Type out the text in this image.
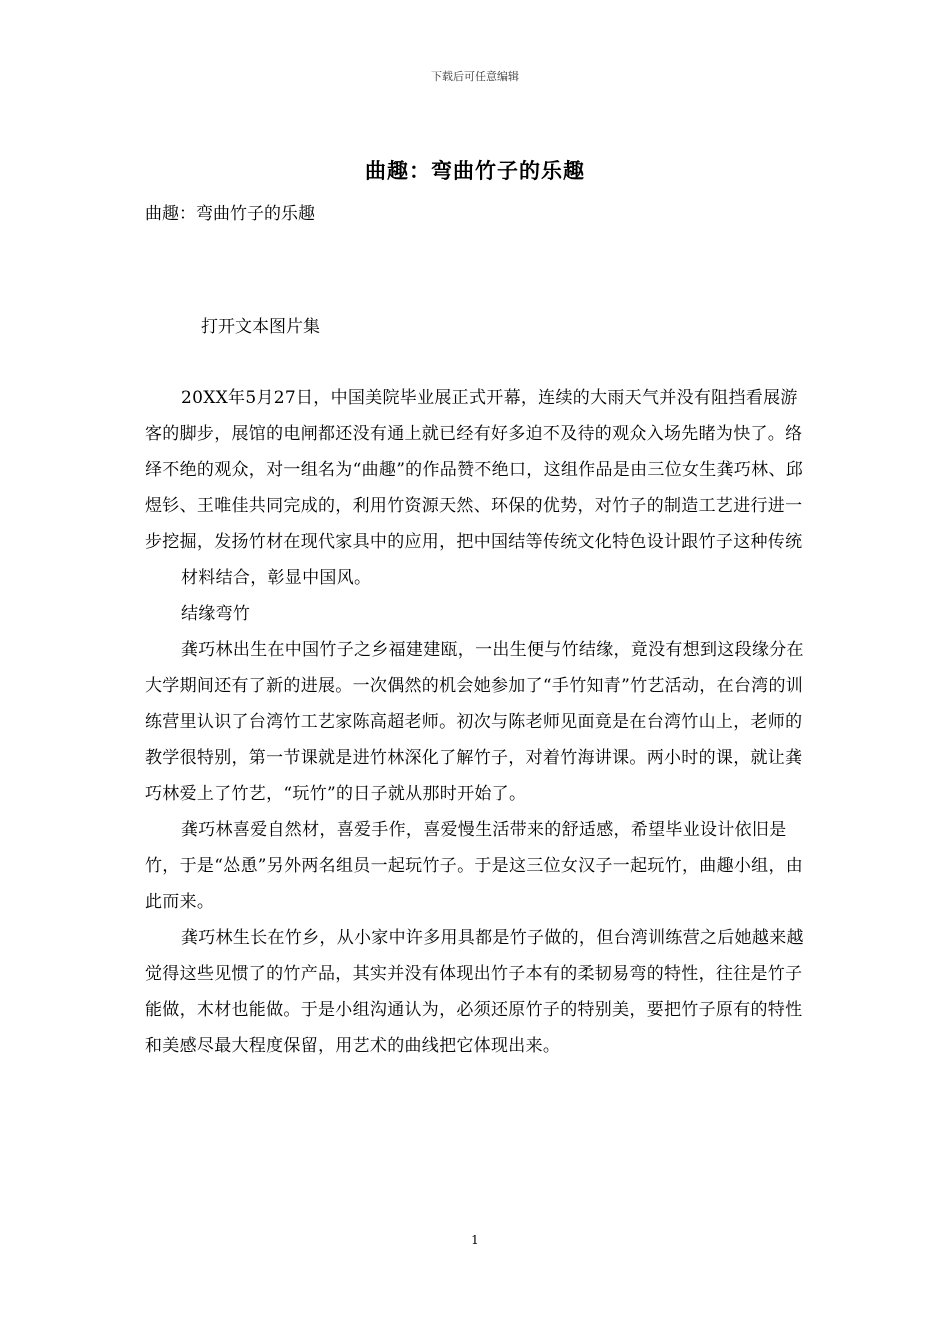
下载后可任意编辑
曲趣：弯曲竹子的乐趣
曲趣：弯曲竹子的乐趣
打开文本图片集

20XX年5月27日，中国美院毕业展正式开幕，连续的大雨天气并没有阻挡看展游客的脚步，展馆的电闸都还没有通上就已经有好多迫不及待的观众入场先睹为快了。络绎不绝的观众，对一组名为“曲趣”的作品赞不绝口，这组作品是由三位女生龚巧林、邱煜钐、王唯佳共同完成的，利用竹资源天然、环保的优势，对竹子的制造工艺进行进一步挖掘，发扬竹材在现代家具中的应用，把中国结等传统文化特色设计跟竹子这种传统

材料结合，彰显中国风。

结缘弯竹

龚巧林出生在中国竹子之乡福建建瓯，一出生便与竹结缘，竟没有想到这段缘分在大学期间还有了新的进展。一次偶然的机会她参加了“手竹知青”竹艺活动，在台湾的训练营里认识了台湾竹工艺家陈高超老师。初次与陈老师见面竟是在台湾竹山上，老师的教学很特别，第一节课就是进竹林深化了解竹子，对着竹海讲课。两小时的课，就让龚巧林爱上了竹艺，“玩竹”的日子就从那时开始了。

龚巧林喜爱自然材，喜爱手作，喜爱慢生活带来的舒适感，希望毕业设计依旧是竹，于是“怂恿”另外两名组员一起玩竹子。于是这三位女汉子一起玩竹，曲趣小组，由此而来。

龚巧林生长在竹乡，从小家中许多用具都是竹子做的，但台湾训练营之后她越来越觉得这些见惯了的竹产品，其实并没有体现出竹子本有的柔韧易弯的特性，往往是竹子能做，木材也能做。于是小组沟通认为，必须还原竹子的特别美，要把竹子原有的特性和美感尽最大程度保留，用艺术的曲线把它体现出来。

1
